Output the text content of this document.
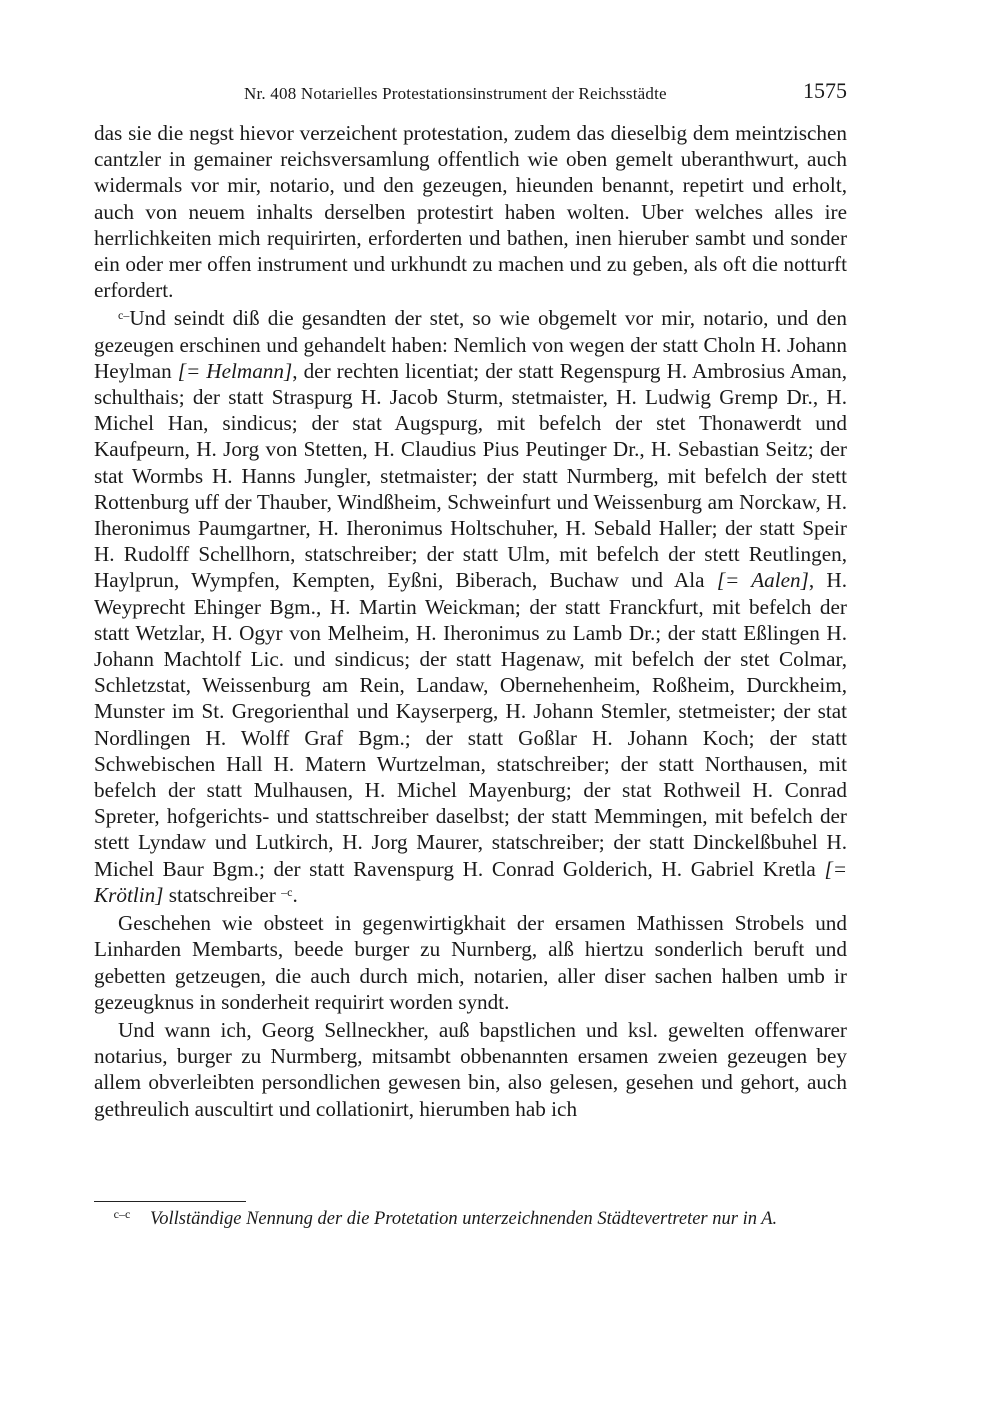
Nr. 408 Notarielles Protestationsinstrument der Reichsstädte	1575

das sie die negst hievor verzeichent protestation, zudem das dieselbig dem meintzischen cantzler in gemainer reichsversamlung offentlich wie oben gemelt uberanthwurt, auch widermals vor mir, notario, und den gezeugen, hieunden benannt, repetirt und erholt, auch von neuem inhalts derselben protestirt haben wolten. Uber welches alles ire herrlichkeiten mich requirirten, erforderten und bathen, inen hieruber sambt und sonder ein oder mer offen instrument und urkhundt zu machen und zu geben, als oft die notturft erfordert.

$^{c-}$Und seindt diß die gesandten der stet, so wie obgemelt vor mir, notario, und den gezeugen erschinen und gehandelt haben: Nemlich von wegen der statt Choln H. Johann Heylman [= Helmann], der rechten licentiat; der statt Regenspurg H. Ambrosius Aman, schulthais; der statt Straspurg H. Jacob Sturm, stetmaister, H. Ludwig Gremp Dr., H. Michel Han, sindicus; der stat Augspurg, mit befelch der stet Thonawerdt und Kaufpeurn, H. Jorg von Stetten, H. Claudius Pius Peutinger Dr., H. Sebastian Seitz; der stat Wormbs H. Hanns Jungler, stetmaister; der statt Nurmberg, mit befelch der stett Rottenburg uff der Thauber, Windßheim, Schweinfurt und Weissenburg am Norckaw, H. Iheronimus Paumgartner, H. Iheronimus Holtschuher, H. Sebald Haller; der statt Speir H. Rudolff Schellhorn, statschreiber; der statt Ulm, mit befelch der stett Reutlingen, Haylprun, Wympfen, Kempten, Eyßni, Biberach, Buchaw und Ala [= Aalen], H. Weyprecht Ehinger Bgm., H. Martin Weickman; der statt Franckfurt, mit befelch der statt Wetzlar, H. Ogyr von Melheim, H. Iheronimus zu Lamb Dr.; der statt Eßlingen H. Johann Machtolf Lic. und sindicus; der statt Hagenaw, mit befelch der stet Colmar, Schletzstat, Weissenburg am Rein, Landaw, Obernehenheim, Roßheim, Durckheim, Munster im St. Gregorienthal und Kayserperg, H. Johann Stemler, stetmeister; der stat Nordlingen H. Wolff Graf Bgm.; der statt Goßlar H. Johann Koch; der statt Schwebischen Hall H. Matern Wurtzelman, statschreiber; der statt Northausen, mit befelch der statt Mulhausen, H. Michel Mayenburg; der stat Rothweil H. Conrad Spreter, hofgerichts- und stattschreiber daselbst; der statt Memmingen, mit befelch der stett Lyndaw und Lutkirch, H. Jorg Maurer, statschreiber; der statt Dinckelßbuhel H. Michel Baur Bgm.; der statt Ravenspurg H. Conrad Golderich, H. Gabriel Kretla [= Krötlin] statschreiber $^{-c}$.

Geschehen wie obsteet in gegenwirtigkhait der ersamen Mathissen Strobels und Linharden Membarts, beede burger zu Nurnberg, alß hiertzu sonderlich beruft und gebetten getzeugen, die auch durch mich, notarien, aller diser sachen halben umb ir gezeugknus in sonderheit requirirt worden syndt.

Und wann ich, Georg Sellneckher, auß bapstlichen und ksl. gewelten offenwarer notarius, burger zu Nurmberg, mitsambt obbenannten ersamen zweien gezeugen bey allem obverleibten persondlichen gewesen bin, also gelesen, gesehen und gehort, auch gethreulich auscultirt und collationirt, hierumben hab ich

c–c Vollständige Nennung der die Protetation unterzeichnenden Städtevertreter nur in A.
